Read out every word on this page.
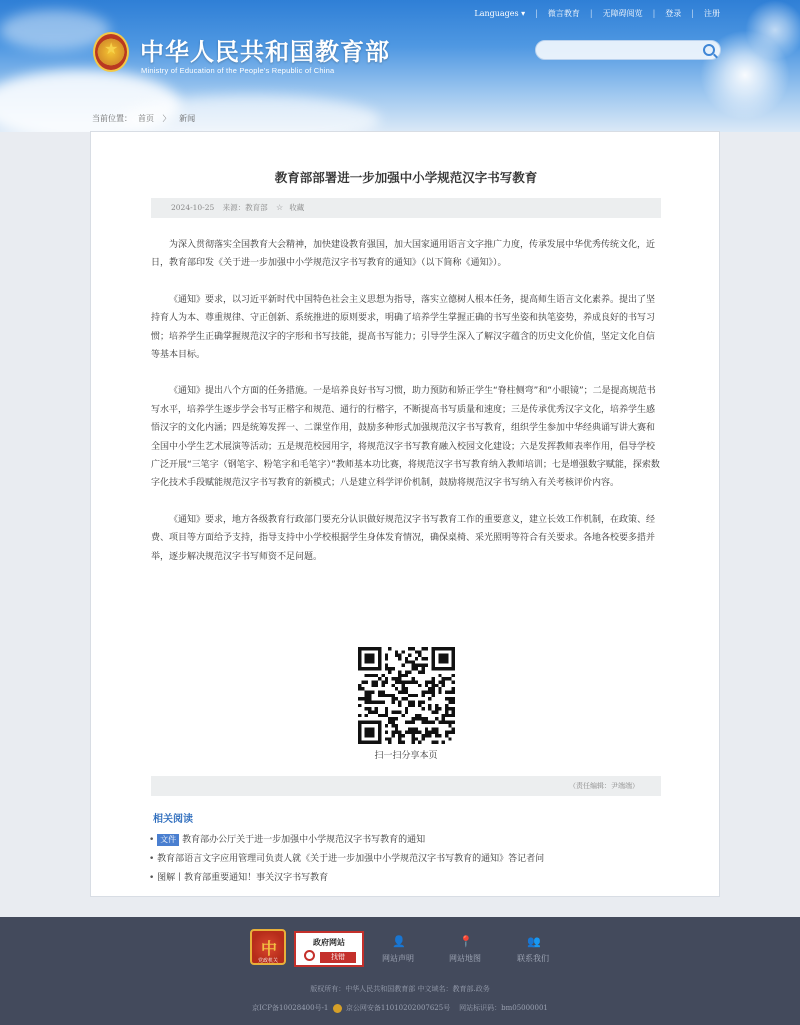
Languages ▾ | 微言教育 | 无障碍阅览 | 登录 | 注册
★
中华人民共和国教育部
Ministry of Education of the People's Republic of China
当前位置： 首页 〉 新闻
教育部部署进一步加强中小学规范汉字书写教育
2024-10-25 来源：教育部 ☆ 收藏

为深入贯彻落实全国教育大会精神，加快建设教育强国，加大国家通用语言文字推广力度，传承发展中华优秀传统文化，近日，教育部印发《关于进一步加强中小学规范汉字书写教育的通知》（以下简称《通知》）。

《通知》要求，以习近平新时代中国特色社会主义思想为指导，落实立德树人根本任务，提高师生语言文化素养。提出了坚持育人为本、尊重规律、守正创新、系统推进的原则要求，明确了培养学生掌握正确的书写坐姿和执笔姿势，养成良好的书写习惯；培养学生正确掌握规范汉字的字形和书写技能，提高书写能力；引导学生深入了解汉字蕴含的历史文化价值，坚定文化自信等基本目标。

《通知》提出八个方面的任务措施。一是培养良好书写习惯，助力预防和矫正学生“脊柱侧弯”和“小眼镜”；二是提高规范书写水平，培养学生逐步学会书写正楷字和规范、通行的行楷字，不断提高书写质量和速度；三是传承优秀汉字文化，培养学生感悟汉字的文化内涵；四是统筹发挥一、二课堂作用，鼓励多种形式加强规范汉字书写教育，组织学生参加中华经典诵写讲大赛和全国中小学生艺术展演等活动；五是规范校园用字，将规范汉字书写教育融入校园文化建设；六是发挥教师表率作用，倡导学校广泛开展“三笔字（钢笔字、粉笔字和毛笔字）”教师基本功比赛，将规范汉字书写教育纳入教师培训；七是增强数字赋能，探索数字化技术手段赋能规范汉字书写教育的新模式；八是建立科学评价机制，鼓励将规范汉字书写纳入有关考核评价内容。

《通知》要求，地方各级教育行政部门要充分认识做好规范汉字书写教育工作的重要意义，建立长效工作机制，在政策、经费、项目等方面给予支持，指导支持中小学校根据学生身体发育情况，确保桌椅、采光照明等符合有关要求。各地各校要多措并举，逐步解决规范汉字书写师资不足问题。

扫一扫分享本页
（责任编辑：尹端端）
相关阅读
• 文件 教育部办公厅关于进一步加强中小学规范汉字书写教育的通知
• 教育部语言文字应用管理司负责人就《关于进一步加强中小学规范汉字书写教育的通知》答记者问
• 图解丨教育部重要通知！事关汉字书写教育
中
党政机关
政府网站
找错
👤
网站声明
📍
网站地图
👥
联系我们
版权所有：中华人民共和国教育部 中文域名：教育部.政务
京ICP备10028400号-1 京公网安备11010202007625号 网站标识码：bm05000001
